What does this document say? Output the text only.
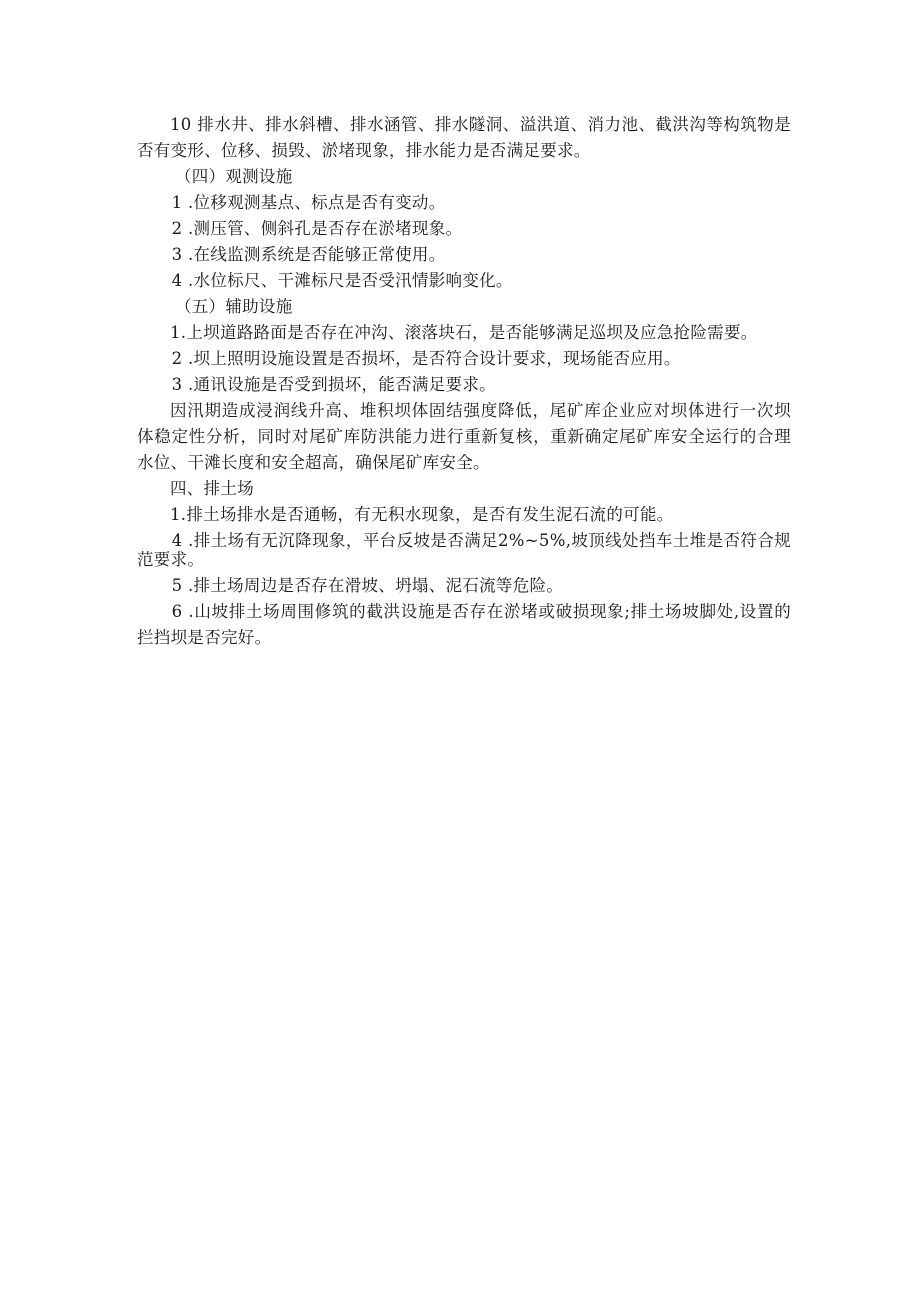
10 排水井、排水斜槽、排水涵管、排水隧洞、溢洪道、消力池、截洪沟等构筑物是否有变形、位移、损毁、淤堵现象，排水能力是否满足要求。

（四）观测设施

1 .位移观测基点、标点是否有变动。

2 .测压管、侧斜孔是否存在淤堵现象。

3 .在线监测系统是否能够正常使用。

4 .水位标尺、干滩标尺是否受汛情影响变化。

（五）辅助设施

1.上坝道路路面是否存在冲沟、滚落块石，是否能够满足巡坝及应急抢险需要。

2 .坝上照明设施设置是否损坏，是否符合设计要求，现场能否应用。

3 .通讯设施是否受到损坏，能否满足要求。

因汛期造成浸润线升高、堆积坝体固结强度降低，尾矿库企业应对坝体进行一次坝体稳定性分析，同时对尾矿库防洪能力进行重新复核，重新确定尾矿库安全运行的合理水位、干滩长度和安全超高，确保尾矿库安全。

四、排土场

1.排土场排水是否通畅，有无积水现象，是否有发生泥石流的可能。

4 .排土场有无沉降现象，平台反坡是否满足2%~5%,坡顶线处挡车土堆是否符合规范要求。

5 .排土场周边是否存在滑坡、坍塌、泥石流等危险。

6 .山坡排土场周围修筑的截洪设施是否存在淤堵或破损现象;排土场坡脚处,设置的拦挡坝是否完好。
